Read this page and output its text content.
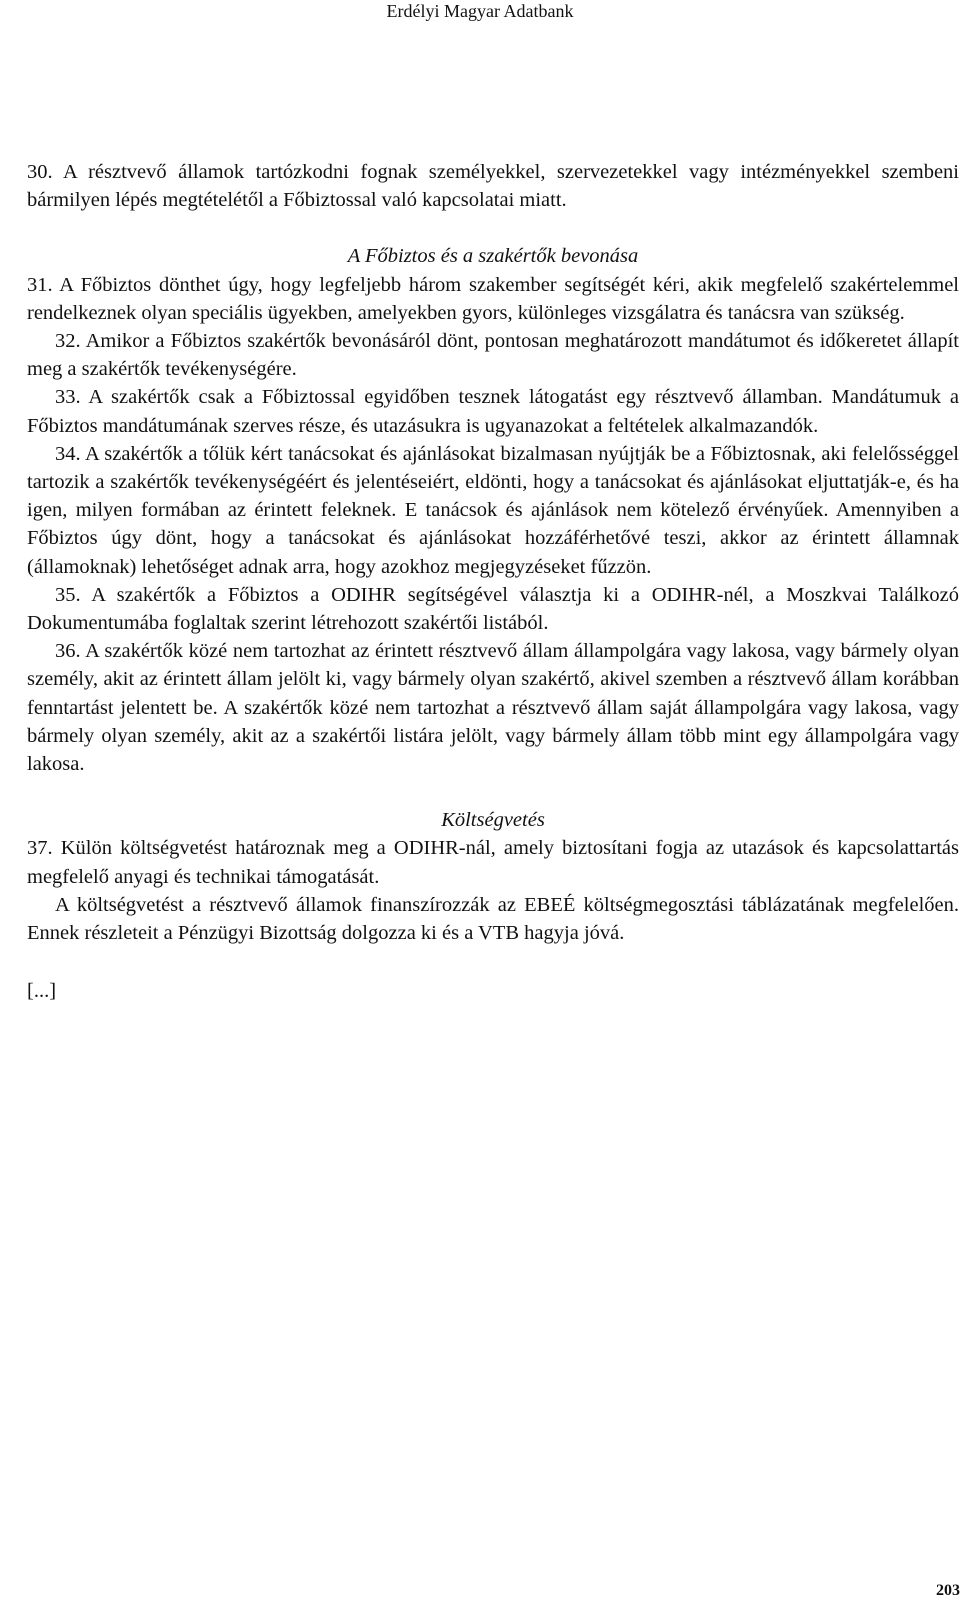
Erdélyi Magyar Adatbank

30. A résztvevő államok tartózkodni fognak személyekkel, szervezetekkel vagy intézményekkel szembeni bármilyen lépés megtételétől a Főbiztossal való kapcsolatai miatt.

A Főbiztos és a szakértők bevonása

31. A Főbiztos dönthet úgy, hogy legfeljebb három szakember segítségét kéri, akik megfelelő szakértelemmel rendelkeznek olyan speciális ügyekben, amelyekben gyors, különleges vizsgálatra és tanácsra van szükség.

32. Amikor a Főbiztos szakértők bevonásáról dönt, pontosan meghatározott mandátumot és időkeretet állapít meg a szakértők tevékenységére.

33. A szakértők csak a Főbiztossal egyidőben tesznek látogatást egy résztvevő államban. Mandátumuk a Főbiztos mandátumának szerves része, és utazásukra is ugyanazokat a feltételek alkalmazandók.

34. A szakértők a tőlük kért tanácsokat és ajánlásokat bizalmasan nyújtják be a Főbiztosnak, aki felelősséggel tartozik a szakértők tevékenységéért és jelentéseiért, eldönti, hogy a tanácsokat és ajánlásokat eljuttatják-e, és ha igen, milyen formában az érintett feleknek. E tanácsok és ajánlások nem kötelező érvényűek. Amennyiben a Főbiztos úgy dönt, hogy a tanácsokat és ajánlásokat hozzáférhetővé teszi, akkor az érintett államnak (államoknak) lehetőséget adnak arra, hogy azokhoz megjegyzéseket fűzzön.

35. A szakértők a Főbiztos a ODIHR segítségével választja ki a ODIHR-nél, a Moszkvai Találkozó Dokumentumába foglaltak szerint létrehozott szakértői listából.

36. A szakértők közé nem tartozhat az érintett résztvevő állam állampolgára vagy lakosa, vagy bármely olyan személy, akit az érintett állam jelölt ki, vagy bármely olyan szakértő, akivel szemben a résztvevő állam korábban fenntartást jelentett be. A szakértők közé nem tartozhat a résztvevő állam saját állampolgára vagy lakosa, vagy bármely olyan személy, akit az a szakértői listára jelölt, vagy bármely állam több mint egy állampolgára vagy lakosa.

Költségvetés

37. Külön költségvetést határoznak meg a ODIHR-nál, amely biztosítani fogja az utazások és kapcsolattartás megfelelő anyagi és technikai támogatását.

A költségvetést a résztvevő államok finanszírozzák az EBEÉ költségmegosztási táblázatának megfelelően. Ennek részleteit a Pénzügyi Bizottság dolgozza ki és a VTB hagyja jóvá.

[...]

203
